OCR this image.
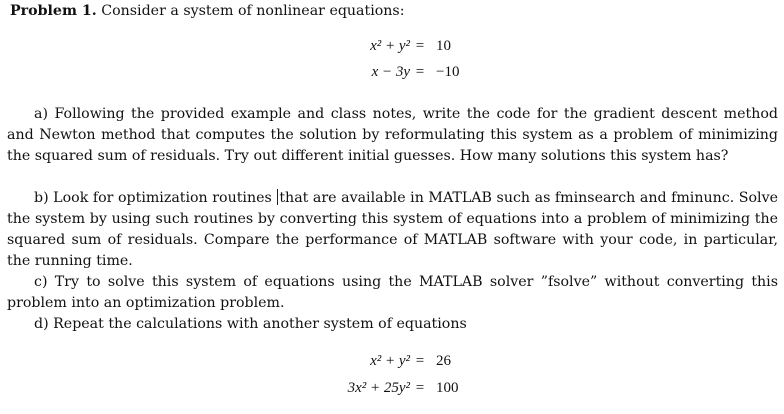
Problem 1. Consider a system of nonlinear equations:
x² + y² = 10
x − 3y = −10
a) Following the provided example and class notes, write the code for the gradient descent method and Newton method that computes the solution by reformulating this system as a problem of minimizing the squared sum of residuals. Try out different initial guesses. How many solutions this system has?
b) Look for optimization routines that are available in MATLAB such as fminsearch and fminunc. Solve the system by using such routines by converting this system of equations into a problem of minimizing the squared sum of residuals. Compare the performance of MATLAB software with your code, in particular, the running time.
c) Try to solve this system of equations using the MATLAB solver ”fsolve” without converting this problem into an optimization problem.
d) Repeat the calculations with another system of equations
x² + y² = 26
3x² + 25y² = 100
